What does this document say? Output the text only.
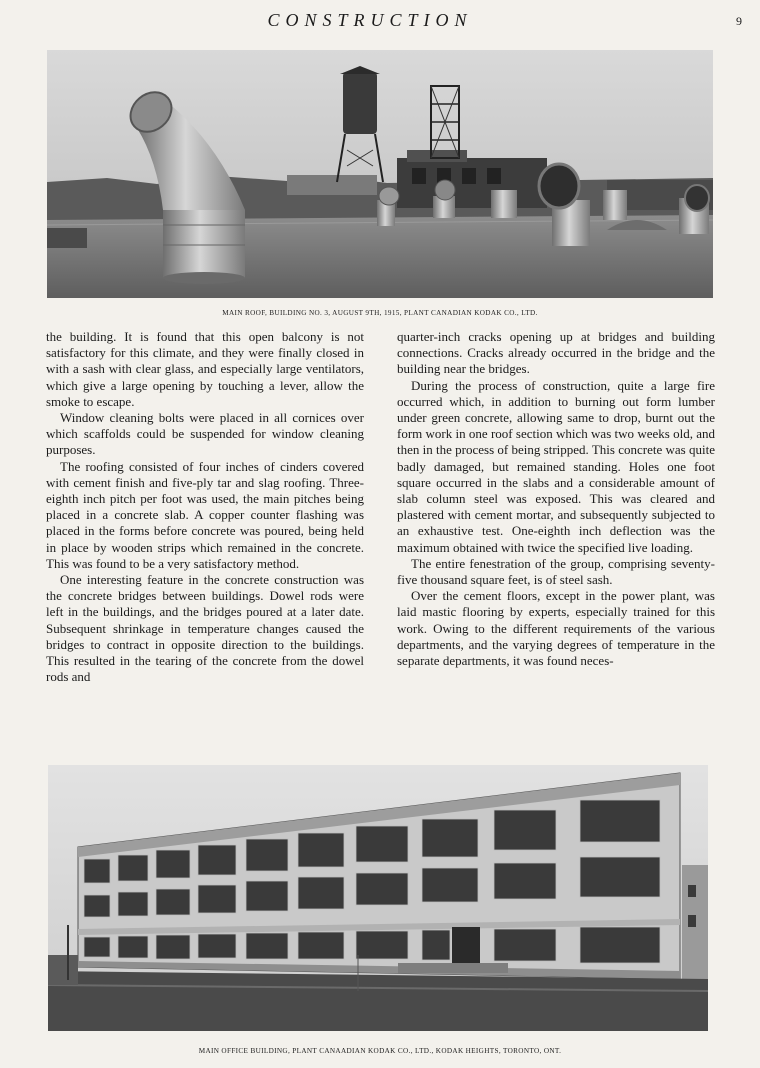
CONSTRUCTION	9
MAIN ROOF, BUILDING NO. 3, AUGUST 9TH, 1915, PLANT CANADIAN KODAK CO., LTD.

the building. It is found that this open balcony is not satisfactory for this climate, and they were finally closed in with a sash with clear glass, and especially large ventilators, which give a large opening by touching a lever, allow the smoke to escape.

Window cleaning bolts were placed in all cornices over which scaffolds could be suspended for window cleaning purposes.

The roofing consisted of four inches of cinders covered with cement finish and five-ply tar and slag roofing. Three-eighth inch pitch per foot was used, the main pitches being placed in a concrete slab. A copper counter flashing was placed in the forms before concrete was poured, being held in place by wooden strips which remained in the concrete. This was found to be a very satisfactory method.

One interesting feature in the concrete construction was the concrete bridges between buildings. Dowel rods were left in the buildings, and the bridges poured at a later date. Subsequent shrinkage in temperature changes caused the bridges to contract in opposite direction to the buildings. This resulted in the tearing of the concrete from the dowel rods and

quarter-inch cracks opening up at bridges and building connections. Cracks already occurred in the bridge and the building near the bridges.

During the process of construction, quite a large fire occurred which, in addition to burning out form lumber under green concrete, allowing same to drop, burnt out the form work in one roof section which was two weeks old, and then in the process of being stripped. This concrete was quite badly damaged, but remained standing. Holes one foot square occurred in the slabs and a considerable amount of slab column steel was exposed. This was cleared and plastered with cement mortar, and subsequently subjected to an exhaustive test. One-eighth inch deflection was the maximum obtained with twice the specified live loading.

The entire fenestration of the group, comprising seventy-five thousand square feet, is of steel sash.

Over the cement floors, except in the power plant, was laid mastic flooring by experts, especially trained for this work. Owing to the different requirements of the various departments, and the varying degrees of temperature in the separate departments, it was found neces-

MAIN OFFICE BUILDING, PLANT CANAADIAN KODAK CO., LTD., KODAK HEIGHTS, TORONTO, ONT.
